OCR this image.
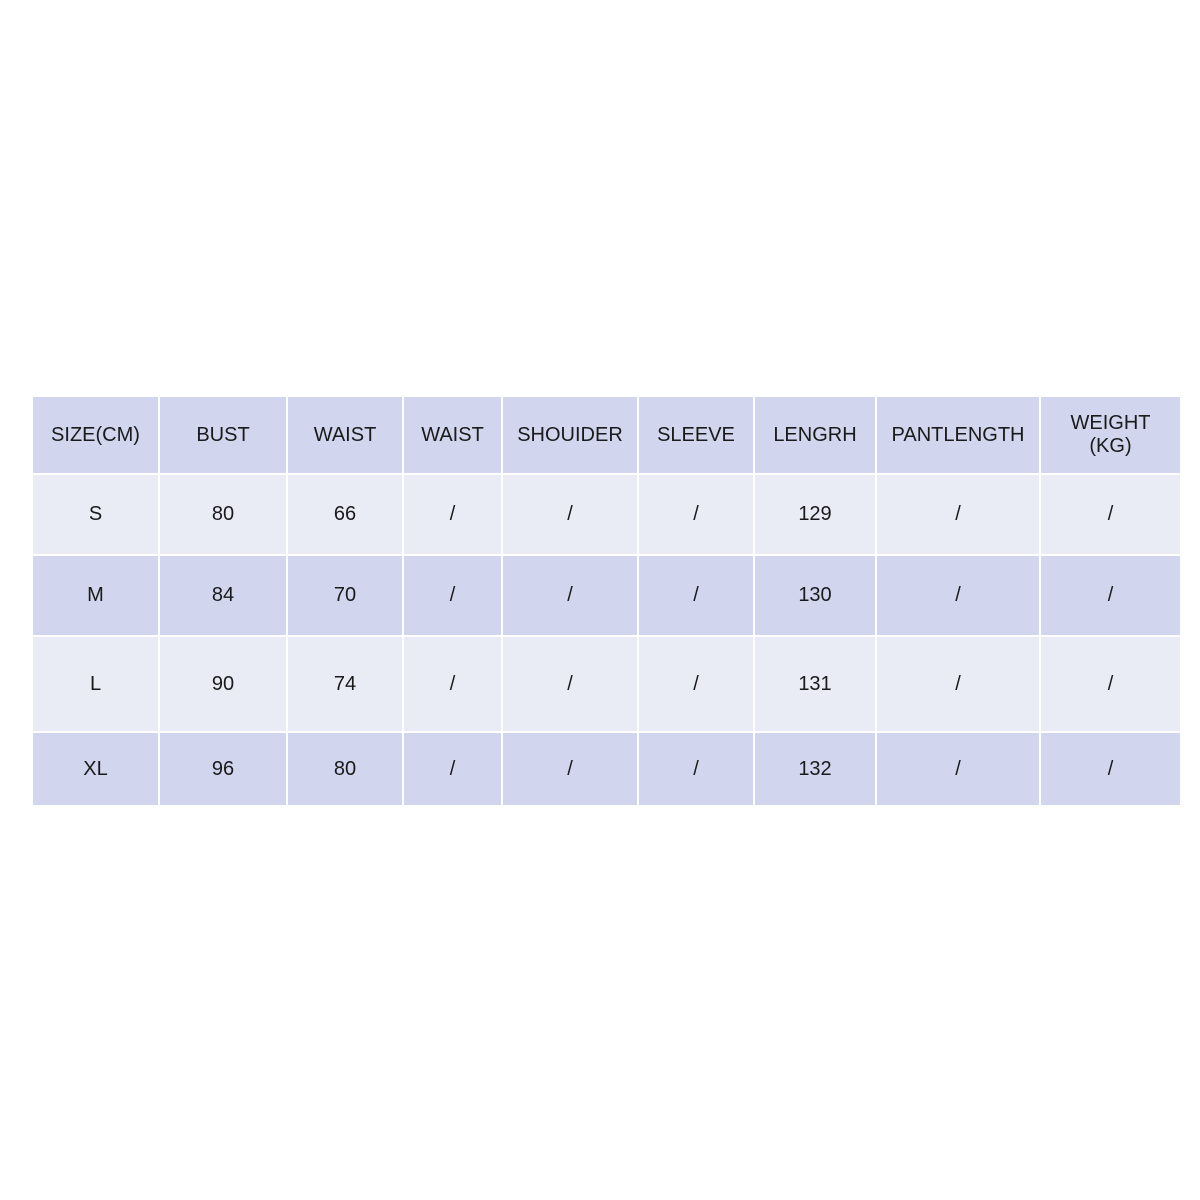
SIZE(CM)	BUST	WAIST	WAIST	SHOUIDER	SLEEVE	LENGRH	PANTLENGTH	WEIGHT
(KG)
S	80	66	/	/	/	129	/	/
M	84	70	/	/	/	130	/	/
L	90	74	/	/	/	131	/	/
XL	96	80	/	/	/	132	/	/
